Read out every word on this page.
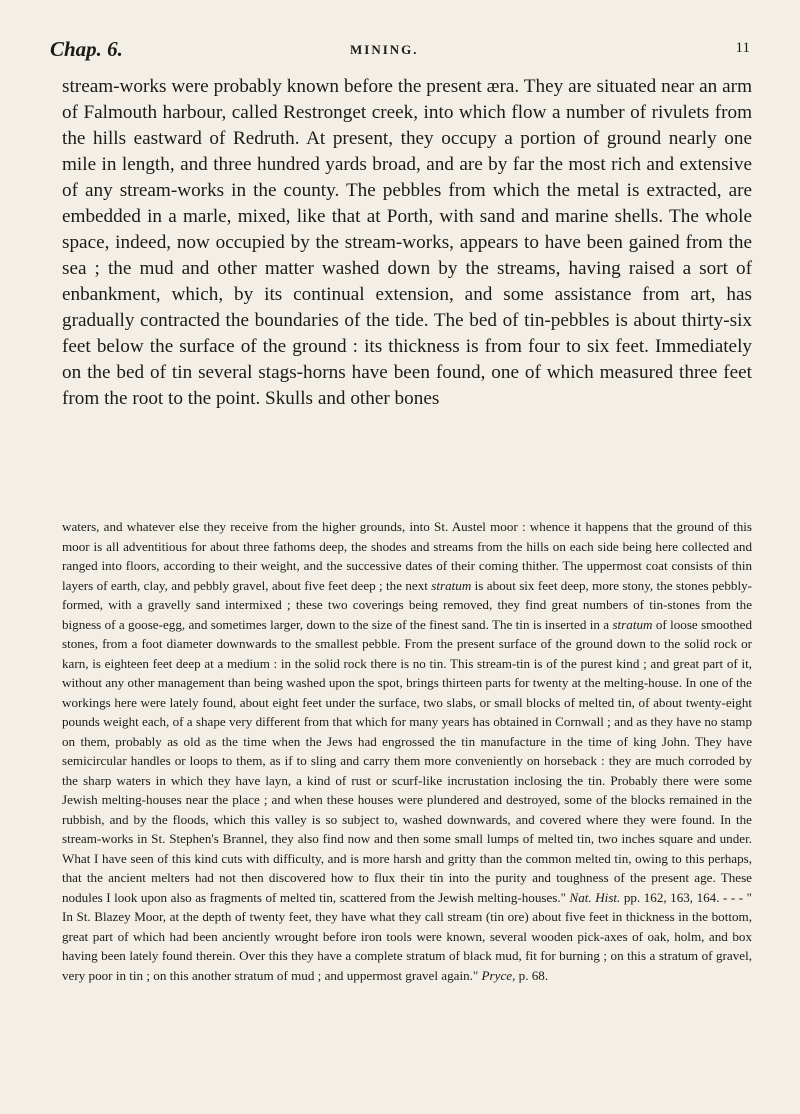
Chap. 6.	MINING.	11

stream-works were probably known before the present æra. They are situated near an arm of Falmouth harbour, called Restronget creek, into which flow a number of rivulets from the hills eastward of Redruth. At present, they occupy a portion of ground nearly one mile in length, and three hundred yards broad, and are by far the most rich and extensive of any stream-works in the county. The pebbles from which the metal is extracted, are embedded in a marle, mixed, like that at Porth, with sand and marine shells. The whole space, indeed, now occupied by the stream-works, appears to have been gained from the sea ; the mud and other matter washed down by the streams, having raised a sort of enbankment, which, by its continual extension, and some assistance from art, has gradually contracted the boundaries of the tide. The bed of tin-pebbles is about thirty-six feet below the surface of the ground : its thickness is from four to six feet. Immediately on the bed of tin several stags-horns have been found, one of which measured three feet from the root to the point. Skulls and other bones

waters, and whatever else they receive from the higher grounds, into St. Austel moor : whence it happens that the ground of this moor is all adventitious for about three fathoms deep, the shodes and streams from the hills on each side being here collected and ranged into floors, according to their weight, and the successive dates of their coming thither. The uppermost coat consists of thin layers of earth, clay, and pebbly gravel, about five feet deep ; the next stratum is about six feet deep, more stony, the stones pebbly-formed, with a gravelly sand intermixed ; these two coverings being removed, they find great numbers of tin-stones from the bigness of a goose-egg, and sometimes larger, down to the size of the finest sand. The tin is inserted in a stratum of loose smoothed stones, from a foot diameter downwards to the smallest pebble. From the present surface of the ground down to the solid rock or karn, is eighteen feet deep at a medium : in the solid rock there is no tin. This stream-tin is of the purest kind ; and great part of it, without any other management than being washed upon the spot, brings thirteen parts for twenty at the melting-house. In one of the workings here were lately found, about eight feet under the surface, two slabs, or small blocks of melted tin, of about twenty-eight pounds weight each, of a shape very different from that which for many years has obtained in Cornwall ; and as they have no stamp on them, probably as old as the time when the Jews had engrossed the tin manufacture in the time of king John. They have semicircular handles or loops to them, as if to sling and carry them more conveniently on horseback : they are much corroded by the sharp waters in which they have layn, a kind of rust or scurf-like incrustation inclosing the tin. Probably there were some Jewish melting-houses near the place ; and when these houses were plundered and destroyed, some of the blocks remained in the rubbish, and by the floods, which this valley is so subject to, washed downwards, and covered where they were found. In the stream-works in St. Stephen's Brannel, they also find now and then some small lumps of melted tin, two inches square and under. What I have seen of this kind cuts with difficulty, and is more harsh and gritty than the common melted tin, owing to this perhaps, that the ancient melters had not then discovered how to flux their tin into the purity and toughness of the present age. These nodules I look upon also as fragments of melted tin, scattered from the Jewish melting-houses." Nat. Hist. pp. 162, 163, 164. - - - " In St. Blazey Moor, at the depth of twenty feet, they have what they call stream (tin ore) about five feet in thickness in the bottom, great part of which had been anciently wrought before iron tools were known, several wooden pick-axes of oak, holm, and box having been lately found therein. Over this they have a complete stratum of black mud, fit for burning ; on this a stratum of gravel, very poor in tin ; on this another stratum of mud ; and uppermost gravel again." Pryce, p. 68.
